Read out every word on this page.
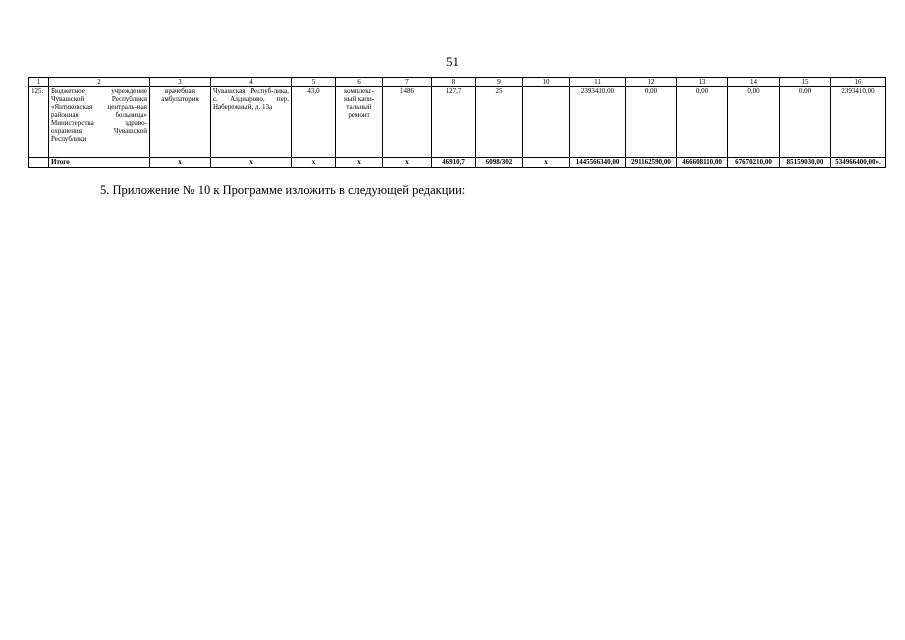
51
1	2	3	4	5	6	7	8	9	10	11	12	13	14	15	16
125.	Бюджетное учреждение Чувашской Республики «Янтиковская централь-ная районная больница» Министерства здраво-охранения Чувашской Республики	врачебная амбулатория	Чувашская Респуб-лика, с. Алдиарово, пер. Набережный, д. 13а	43,0	комплекс-ный капи-тальный ремонт	1486	127,7	25		2393410,00	0,00	0,00	0,00	0,00	2393410,00
	Итого	х	х	х	х	х	46910,7	6098/302	х	1445566340,00	291162590,00	466608110,00	67670210,00	85159030,00	534966400,00».
5. Приложение № 10 к Программе изложить в следующей редакции:
